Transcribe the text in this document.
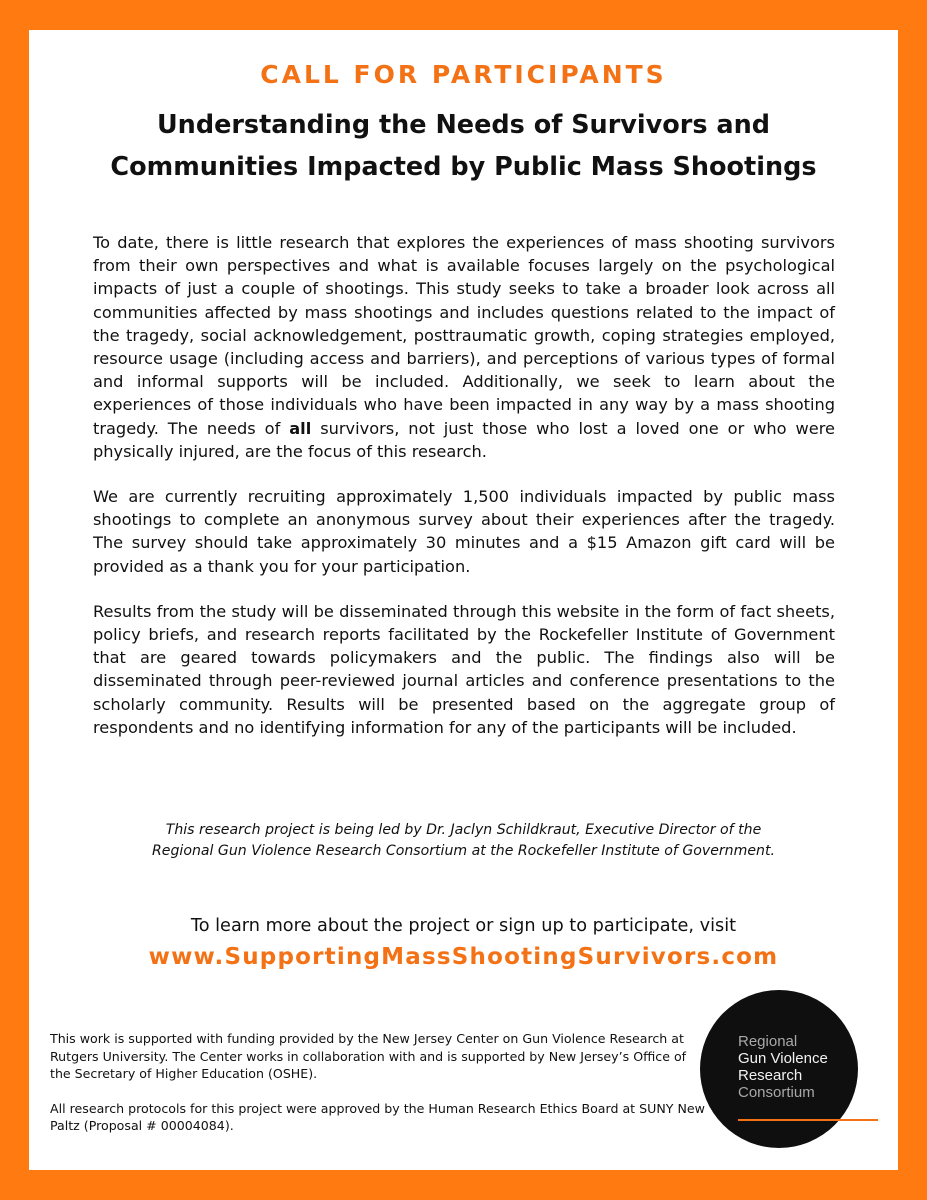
CALL FOR PARTICIPANTS
Understanding the Needs of Survivors and
Communities Impacted by Public Mass Shootings

To date, there is little research that explores the experiences of mass shooting survivors from their own perspectives and what is available focuses largely on the psychological impacts of just a couple of shootings. This study seeks to take a broader look across all communities affected by mass shootings and includes questions related to the impact of the tragedy, social acknowledgement, posttraumatic growth, coping strategies employed, resource usage (including access and barriers), and perceptions of various types of formal and informal supports will be included. Additionally, we seek to learn about the experiences of those individuals who have been impacted in any way by a mass shooting tragedy. The needs of all survivors, not just those who lost a loved one or who were physically injured, are the focus of this research.

We are currently recruiting approximately 1,500 individuals impacted by public mass shootings to complete an anonymous survey about their experiences after the tragedy. The survey should take approximately 30 minutes and a $15 Amazon gift card will be provided as a thank you for your participation.

Results from the study will be disseminated through this website in the form of fact sheets, policy briefs, and research reports facilitated by the Rockefeller Institute of Government that are geared towards policymakers and the public. The findings also will be disseminated through peer-reviewed journal articles and conference presentations to the scholarly community. Results will be presented based on the aggregate group of respondents and no identifying information for any of the participants will be included.

This research project is being led by Dr. Jaclyn Schildkraut, Executive Director of the
Regional Gun Violence Research Consortium at the Rockefeller Institute of Government.
To learn more about the project or sign up to participate, visit
www.SupportingMassShootingSurvivors.com

This work is supported with funding provided by the New Jersey Center on Gun Violence Research at Rutgers University. The Center works in collaboration with and is supported by New Jersey’s Office of the Secretary of Higher Education (OSHE).

All research protocols for this project were approved by the Human Research Ethics Board at SUNY New Paltz (Proposal # 00004084).

Regional
Gun Violence
Research
Consortium
